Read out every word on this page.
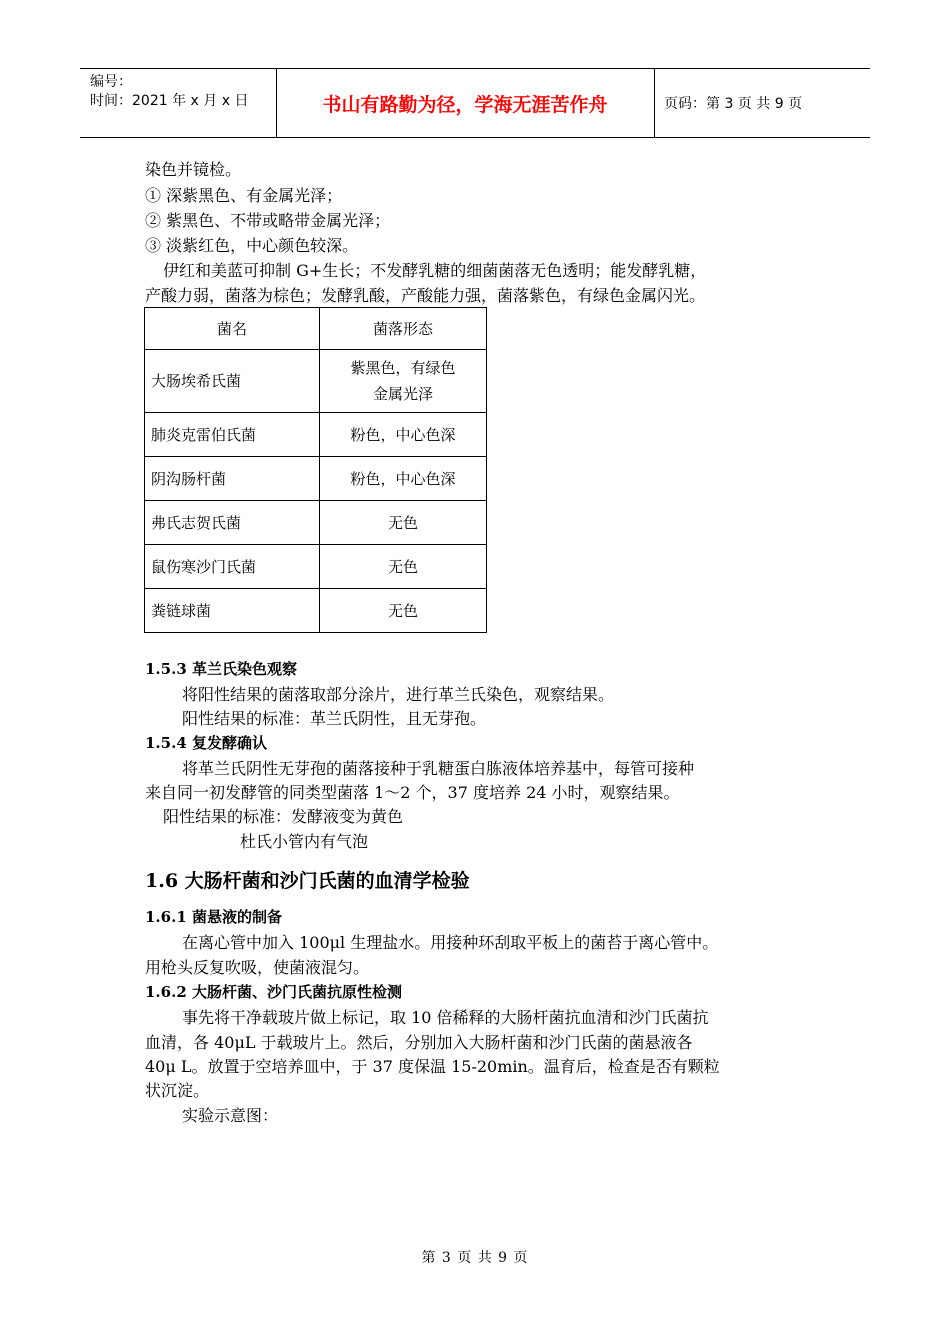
编号：
时间：2021 年 x 月 x 日	书山有路勤为径，学海无涯苦作舟	页码：第 3 页 共 9 页
染色并镜检。
① 深紫黑色、有金属光泽；
② 紫黑色、不带或略带金属光泽；
③ 淡紫红色，中心颜色较深。
伊红和美蓝可抑制 G+生长；不发酵乳糖的细菌菌落无色透明；能发酵乳糖，
产酸力弱，菌落为棕色；发酵乳酸，产酸能力强，菌落紫色，有绿色金属闪光。
菌名	菌落形态
大肠埃希氏菌	紫黑色，有绿色
金属光泽

肺炎克雷伯氏菌	粉色，中心色深
阴沟肠杆菌	粉色，中心色深
弗氏志贺氏菌	无色
鼠伤寒沙门氏菌	无色
粪链球菌	无色
1.5.3 革兰氏染色观察
将阳性结果的菌落取部分涂片，进行革兰氏染色，观察结果。
阳性结果的标准：革兰氏阴性，且无芽孢。
1.5.4 复发酵确认
将革兰氏阴性无芽孢的菌落接种于乳糖蛋白胨液体培养基中，每管可接种
来自同一初发酵管的同类型菌落 1～2 个，37 度培养 24 小时，观察结果。
阳性结果的标准：发酵液变为黄色
杜氏小管内有气泡
1.6 大肠杆菌和沙门氏菌的血清学检验
1.6.1 菌悬液的制备
在离心管中加入 100μl 生理盐水。用接种环刮取平板上的菌苔于离心管中。
用枪头反复吹吸，使菌液混匀。
1.6.2 大肠杆菌、沙门氏菌抗原性检测
事先将干净载玻片做上标记，取 10 倍稀释的大肠杆菌抗血清和沙门氏菌抗
血清，各 40μL 于载玻片上。然后，分别加入大肠杆菌和沙门氏菌的菌悬液各
40μ L。放置于空培养皿中，于 37 度保温 15-20min。温育后，检查是否有颗粒
状沉淀。
实验示意图：
第 3 页 共 9 页
